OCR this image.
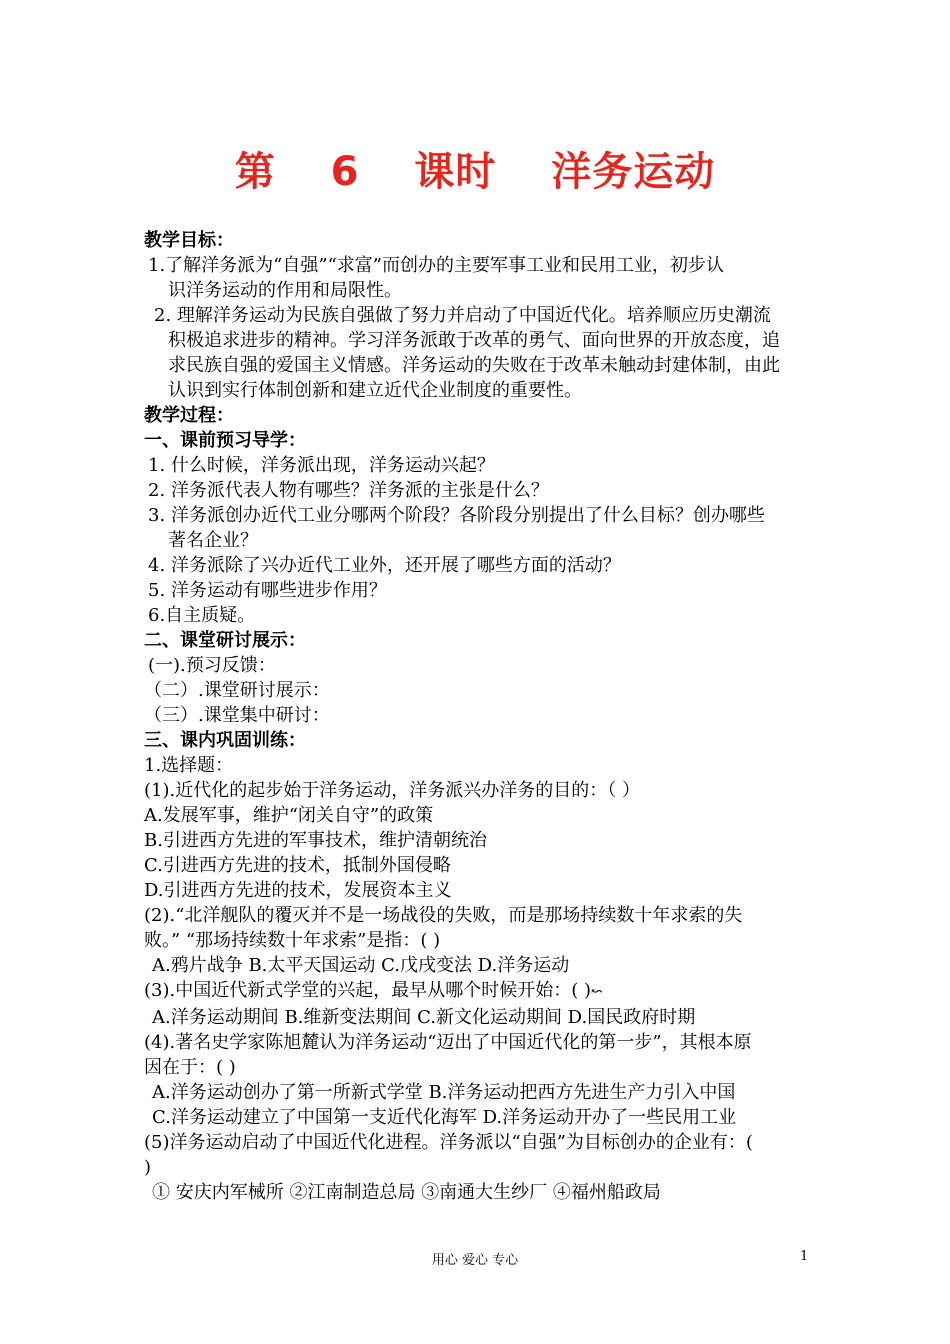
第 6 课时 洋务运动

教学目标：

1.了解洋务派为“自强”“求富”而创办的主要军事工业和民用工业，初步认

识洋务运动的作用和局限性。

2. 理解洋务运动为民族自强做了努力并启动了中国近代化。培养顺应历史潮流

积极追求进步的精神。学习洋务派敢于改革的勇气、面向世界的开放态度，追

求民族自强的爱国主义情感。洋务运动的失败在于改革未触动封建体制，由此

认识到实行体制创新和建立近代企业制度的重要性。

教学过程：

一、课前预习导学：

1. 什么时候，洋务派出现，洋务运动兴起？

2. 洋务派代表人物有哪些？洋务派的主张是什么？

3. 洋务派创办近代工业分哪两个阶段？各阶段分别提出了什么目标？创办哪些

著名企业？

4. 洋务派除了兴办近代工业外，还开展了哪些方面的活动？

5. 洋务运动有哪些进步作用？

6.自主质疑。

二、课堂研讨展示：

(一).预习反馈：

（二）.课堂研讨展示：

（三）.课堂集中研讨：

三、课内巩固训练：

1.选择题：

(1).近代化的起步始于洋务运动，洋务派兴办洋务的目的：（ ）

A.发展军事，维护“闭关自守”的政策

B.引进西方先进的军事技术，维护清朝统治

C.引进西方先进的技术，抵制外国侵略

D.引进西方先进的技术，发展资本主义

(2).“北洋舰队的覆灭并不是一场战役的失败，而是那场持续数十年求索的失

败。” “那场持续数十年求索”是指：( )

A.鸦片战争 B.太平天国运动 C.戊戌变法 D.洋务运动

(3).中国近代新式学堂的兴起，最早从哪个时候开始：( )↜

A.洋务运动期间 B.维新变法期间 C.新文化运动期间 D.国民政府时期

(4).著名史学家陈旭麓认为洋务运动“迈出了中国近代化的第一步”，其根本原

因在于：( )

A.洋务运动创办了第一所新式学堂 B.洋务运动把西方先进生产力引入中国

C.洋务运动建立了中国第一支近代化海军 D.洋务运动开办了一些民用工业

(5)洋务运动启动了中国近代化进程。洋务派以“自强”为目标创办的企业有：(

)

① 安庆内军械所 ②江南制造总局 ③南通大生纱厂 ④福州船政局

用心 爱心 专心	1
